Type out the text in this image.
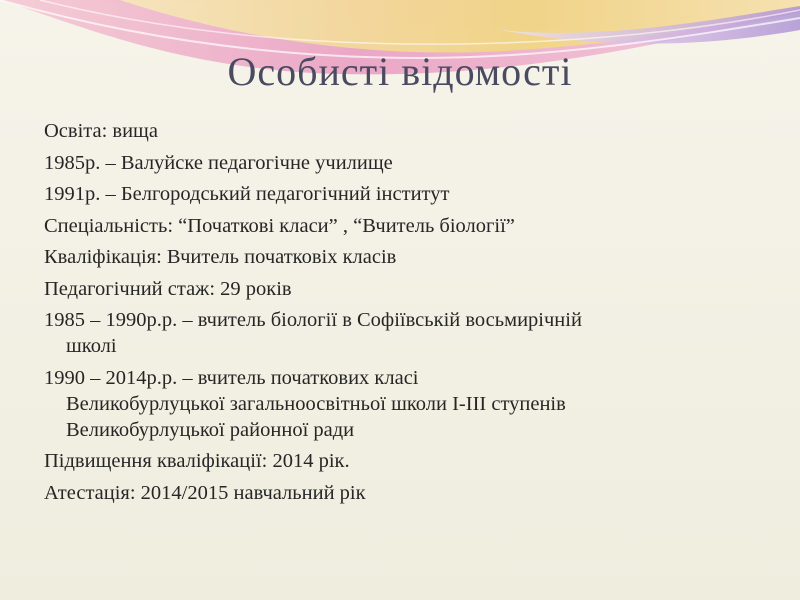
Особисті відомості
Освіта: вища
1985р. – Валуйске педагогічне училище
1991р. – Белгородський педагогічний інститут
Спеціальність: “Початкові класи” , “Вчитель біології”
Кваліфікація: Вчитель початковіх класів
Педагогічний стаж: 29 років
1985 – 1990р.р. – вчитель біології в Софіївській восьмирічній
школі
1990 – 2014р.р. – вчитель початкових класі
Великобурлуцької загальноосвітньої школи І-ІІІ ступенів
Великобурлуцької районної ради
Підвищення кваліфікації: 2014 рік.
Атестація: 2014/2015 навчальний рік
